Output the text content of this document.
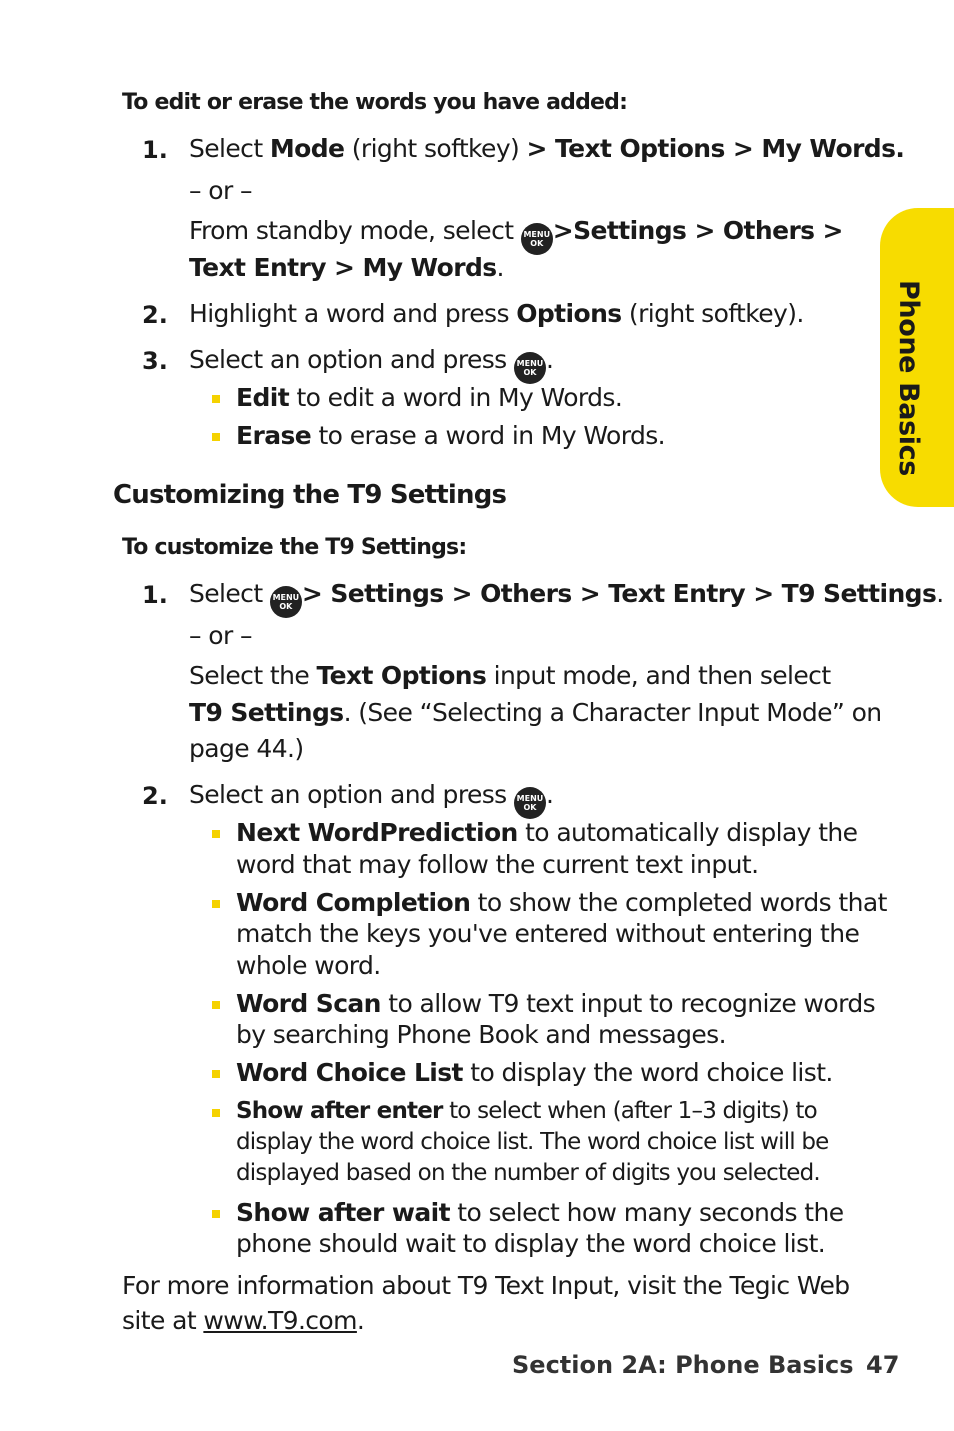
Phone Basics
To edit or erase the words you have added:
1. Select Mode (right softkey) > Text Options > My Words.
– or –
From standby mode, select MENU
OK >Settings > Others >
Text Entry > My Words.
2. Highlight a word and press Options (right softkey).
3. Select an option and press MENU
OK .
Edit to edit a word in My Words.
Erase to erase a word in My Words.
Customizing the T9 Settings
To customize the T9 Settings:
1. Select MENU
OK > Settings > Others > Text Entry > T9 Settings.
– or –
Select the Text Options input mode, and then select
T9 Settings. (See “Selecting a Character Input Mode” on
page 44.)
2. Select an option and press MENU
OK .
Next WordPrediction to automatically display the
word that may follow the current text input.
Word Completion to show the completed words that
match the keys you've entered without entering the
whole word.
Word Scan to allow T9 text input to recognize words
by searching Phone Book and messages.
Word Choice List to display the word choice list.
Show after enter to select when (after 1–3 digits) to
display the word choice list. The word choice list will be
displayed based on the number of digits you selected.
Show after wait to select how many seconds the
phone should wait to display the word choice list.
For more information about T9 Text Input, visit the Tegic Web
site at www.T9.com.
Section 2A: Phone Basics 47
